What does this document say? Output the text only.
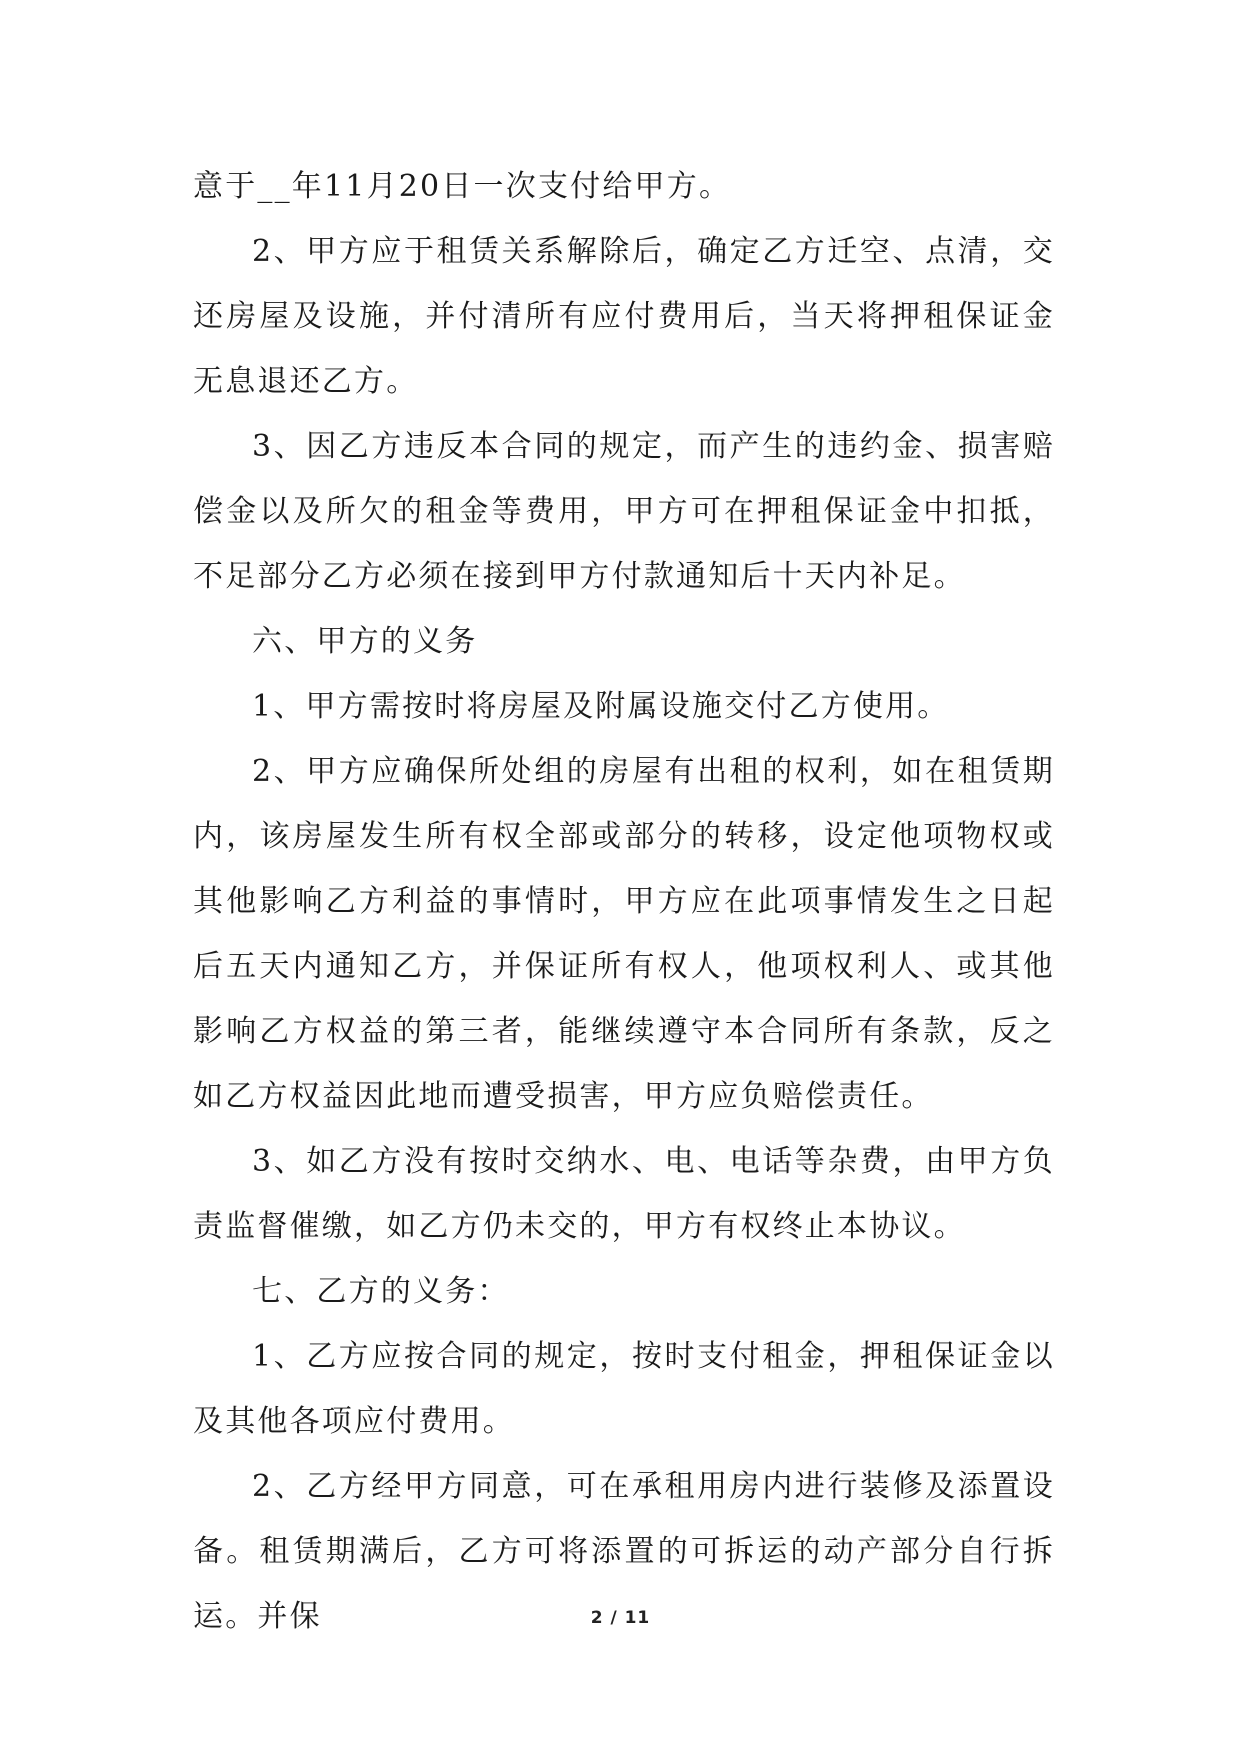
意于__年11月20日一次支付给甲方。

2、甲方应于租赁关系解除后，确定乙方迁空、点清，交还房屋及设施，并付清所有应付费用后，当天将押租保证金无息退还乙方。

3、因乙方违反本合同的规定，而产生的违约金、损害赔偿金以及所欠的租金等费用，甲方可在押租保证金中扣抵，不足部分乙方必须在接到甲方付款通知后十天内补足。

六、甲方的义务

1、甲方需按时将房屋及附属设施交付乙方使用。

2、甲方应确保所处组的房屋有出租的权利，如在租赁期内，该房屋发生所有权全部或部分的转移，设定他项物权或其他影响乙方利益的事情时，甲方应在此项事情发生之日起后五天内通知乙方，并保证所有权人，他项权利人、或其他影响乙方权益的第三者，能继续遵守本合同所有条款，反之如乙方权益因此地而遭受损害，甲方应负赔偿责任。

3、如乙方没有按时交纳水、电、电话等杂费，由甲方负责监督催缴，如乙方仍未交的，甲方有权终止本协议。

七、乙方的义务：

1、乙方应按合同的规定，按时支付租金，押租保证金以及其他各项应付费用。

2、乙方经甲方同意，可在承租用房内进行装修及添置设备。租赁期满后，乙方可将添置的可拆运的动产部分自行拆运。并保	2 / 11
